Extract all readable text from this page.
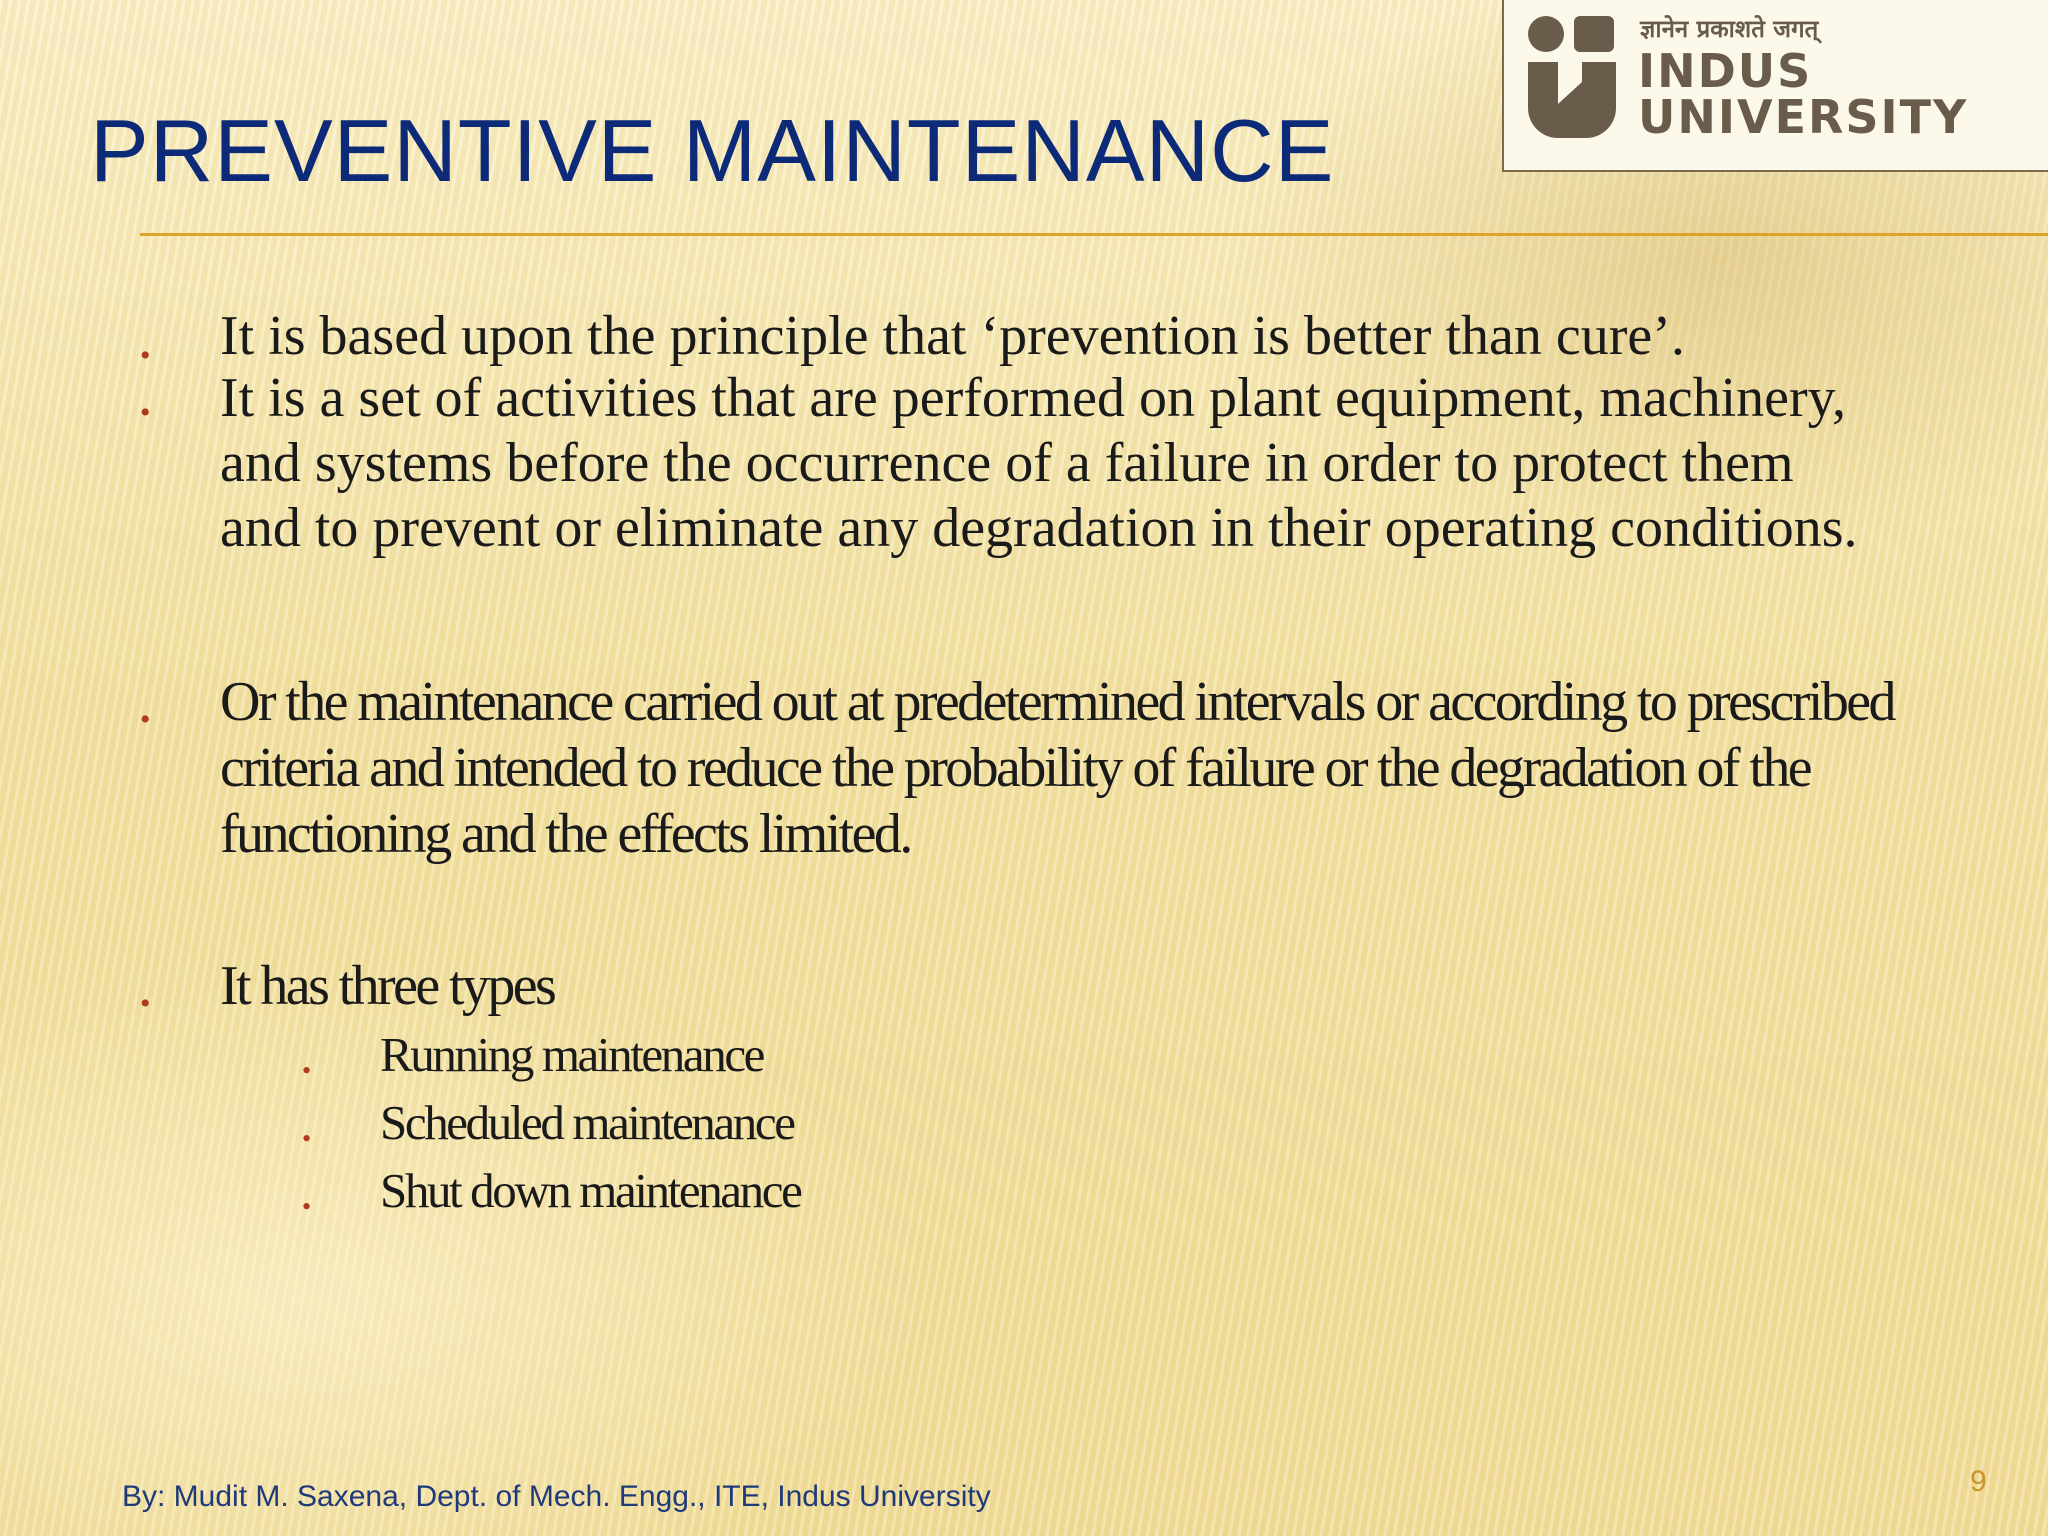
ज्ञानेन प्रकाशते जगत्

INDUS
UNIVERSITY

PREVENTIVE MAINTENANCE
• It is based upon the principle that ‘prevention is better than cure’.
• It is a set of activities that are performed on plant equipment, machinery, and systems before the occurrence of a failure in order to protect them and to prevent or eliminate any degradation in their operating conditions.
• Or the maintenance carried out at predetermined intervals or according to prescribed criteria and intended to reduce the probability of failure or the degradation of the functioning and the effects limited.
• It has three types
• Running maintenance
• Scheduled maintenance
• Shut down maintenance
By: Mudit M. Saxena, Dept. of Mech. Engg., ITE, Indus University	9
